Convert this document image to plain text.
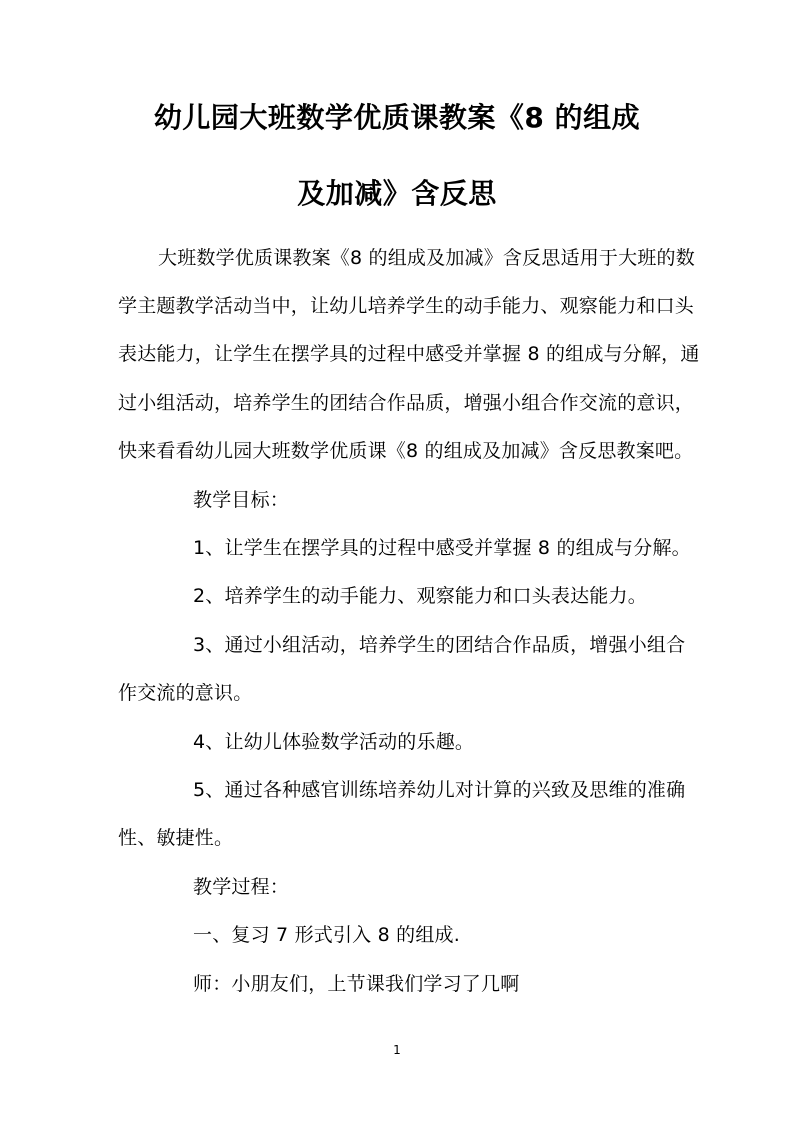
幼儿园大班数学优质课教案《8 的组成
及加减》含反思
大班数学优质课教案《8 的组成及加减》含反思适用于大班的数
学主题教学活动当中，让幼儿培养学生的动手能力、观察能力和口头
表达能力，让学生在摆学具的过程中感受并掌握 8 的组成与分解，通
过小组活动，培养学生的团结合作品质，增强小组合作交流的意识，
快来看看幼儿园大班数学优质课《8 的组成及加减》含反思教案吧。
教学目标：
1、让学生在摆学具的过程中感受并掌握 8 的组成与分解。
2、培养学生的动手能力、观察能力和口头表达能力。
3、通过小组活动，培养学生的团结合作品质，增强小组合
作交流的意识。
4、让幼儿体验数学活动的乐趣。
5、通过各种感官训练培养幼儿对计算的兴致及思维的准确
性、敏捷性。
教学过程：
一、复习 7 形式引入 8 的组成.
师：小朋友们，上节课我们学习了几啊
1
